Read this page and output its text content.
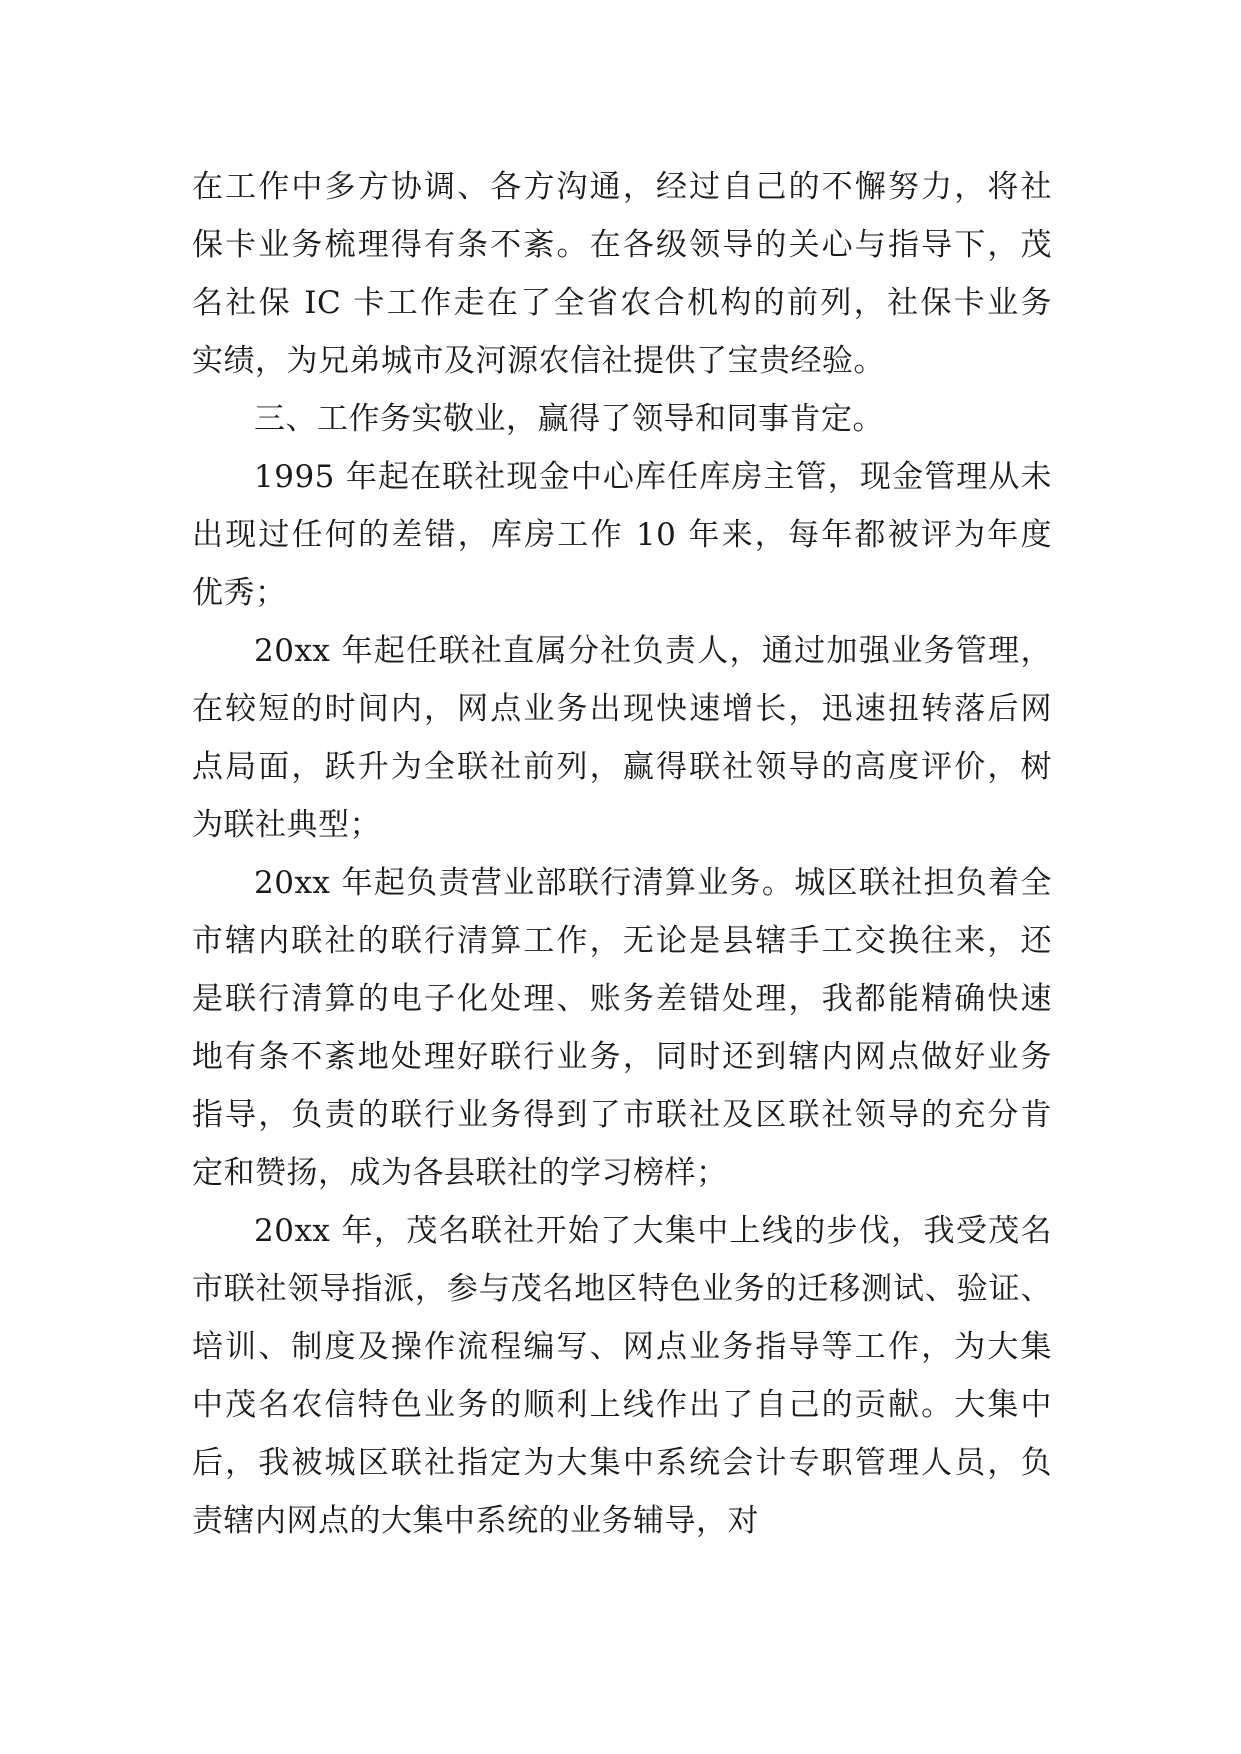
在工作中多方协调、各方沟通，经过自己的不懈努力，将社
保卡业务梳理得有条不紊。在各级领导的关心与指导下，茂
名社保 IC 卡工作走在了全省农合机构的前列，社保卡业务
实绩，为兄弟城市及河源农信社提供了宝贵经验。
三、工作务实敬业，赢得了领导和同事肯定。
1995 年起在联社现金中心库任库房主管，现金管理从未
出现过任何的差错，库房工作 10 年来，每年都被评为年度
优秀；
20xx 年起任联社直属分社负责人，通过加强业务管理，
在较短的时间内，网点业务出现快速增长，迅速扭转落后网
点局面，跃升为全联社前列，赢得联社领导的高度评价，树
为联社典型；
20xx 年起负责营业部联行清算业务。城区联社担负着全
市辖内联社的联行清算工作，无论是县辖手工交换往来，还
是联行清算的电子化处理、账务差错处理，我都能精确快速
地有条不紊地处理好联行业务，同时还到辖内网点做好业务
指导，负责的联行业务得到了市联社及区联社领导的充分肯
定和赞扬，成为各县联社的学习榜样；
20xx 年，茂名联社开始了大集中上线的步伐，我受茂名
市联社领导指派，参与茂名地区特色业务的迁移测试、验证、
培训、制度及操作流程编写、网点业务指导等工作，为大集
中茂名农信特色业务的顺利上线作出了自己的贡献。大集中
后，我被城区联社指定为大集中系统会计专职管理人员，负
责辖内网点的大集中系统的业务辅导，对
